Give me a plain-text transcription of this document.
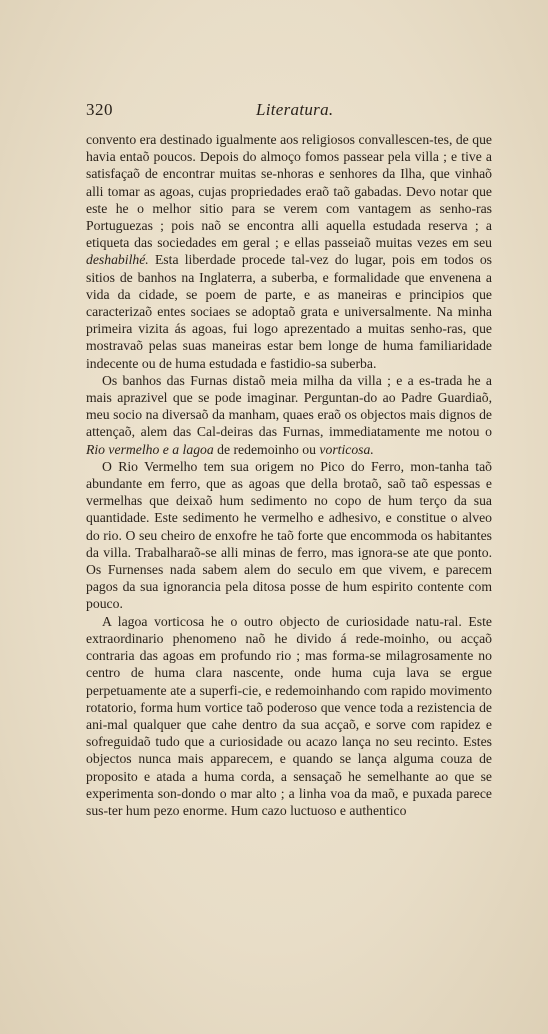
320	Literatura.

convento era destinado igualmente aos religiosos convallescen-tes, de que havia entaõ poucos. Depois do almoço fomos passear pela villa ; e tive a satisfaçaõ de encontrar muitas se-nhoras e senhores da Ilha, que vinhaõ alli tomar as agoas, cujas propriedades eraõ taõ gabadas. Devo notar que este he o melhor sitio para se verem com vantagem as senho-ras Portuguezas ; pois naõ se encontra alli aquella estudada reserva ; a etiqueta das sociedades em geral ; e ellas passeiaõ muitas vezes em seu deshabilhé. Esta liberdade procede tal-vez do lugar, pois em todos os sitios de banhos na Inglaterra, a suberba, e formalidade que envenena a vida da cidade, se poem de parte, e as maneiras e principios que caracterizaõ entes sociaes se adoptaõ grata e universalmente. Na minha primeira vizita ás agoas, fui logo aprezentado a muitas senho-ras, que mostravaõ pelas suas maneiras estar bem longe de huma familiaridade indecente ou de huma estudada e fastidio-sa suberba.

Os banhos das Furnas distaõ meia milha da villa ; e a es-trada he a mais aprazivel que se pode imaginar. Perguntan-do ao Padre Guardiaõ, meu socio na diversaõ da manham, quaes eraõ os objectos mais dignos de attençaõ, alem das Cal-deiras das Furnas, immediatamente me notou o Rio vermelho e a lagoa de redemoinho ou vorticosa.

O Rio Vermelho tem sua origem no Pico do Ferro, mon-tanha taõ abundante em ferro, que as agoas que della brotaõ, saõ taõ espessas e vermelhas que deixaõ hum sedimento no copo de hum terço da sua quantidade. Este sedimento he vermelho e adhesivo, e constitue o alveo do rio. O seu cheiro de enxofre he taõ forte que encommoda os habitantes da villa. Trabalharaõ-se alli minas de ferro, mas ignora-se ate que ponto. Os Furnenses nada sabem alem do seculo em que vivem, e parecem pagos da sua ignorancia pela ditosa posse de hum espirito contente com pouco.

A lagoa vorticosa he o outro objecto de curiosidade natu-ral. Este extraordinario phenomeno naõ he divido á rede-moinho, ou acçaõ contraria das agoas em profundo rio ; mas forma-se milagrosamente no centro de huma clara nascente, onde huma cuja lava se ergue perpetuamente ate a superfi-cie, e redemoinhando com rapido movimento rotatorio, forma hum vortice taõ poderoso que vence toda a rezistencia de ani-mal qualquer que cahe dentro da sua acçaõ, e sorve com rapidez e sofreguidaõ tudo que a curiosidade ou acazo lança no seu recinto. Estes objectos nunca mais apparecem, e quando se lança alguma couza de proposito e atada a huma corda, a sensaçaõ he semelhante ao que se experimenta son-dondo o mar alto ; a linha voa da maõ, e puxada parece sus-ter hum pezo enorme. Hum cazo luctuoso e authentico
